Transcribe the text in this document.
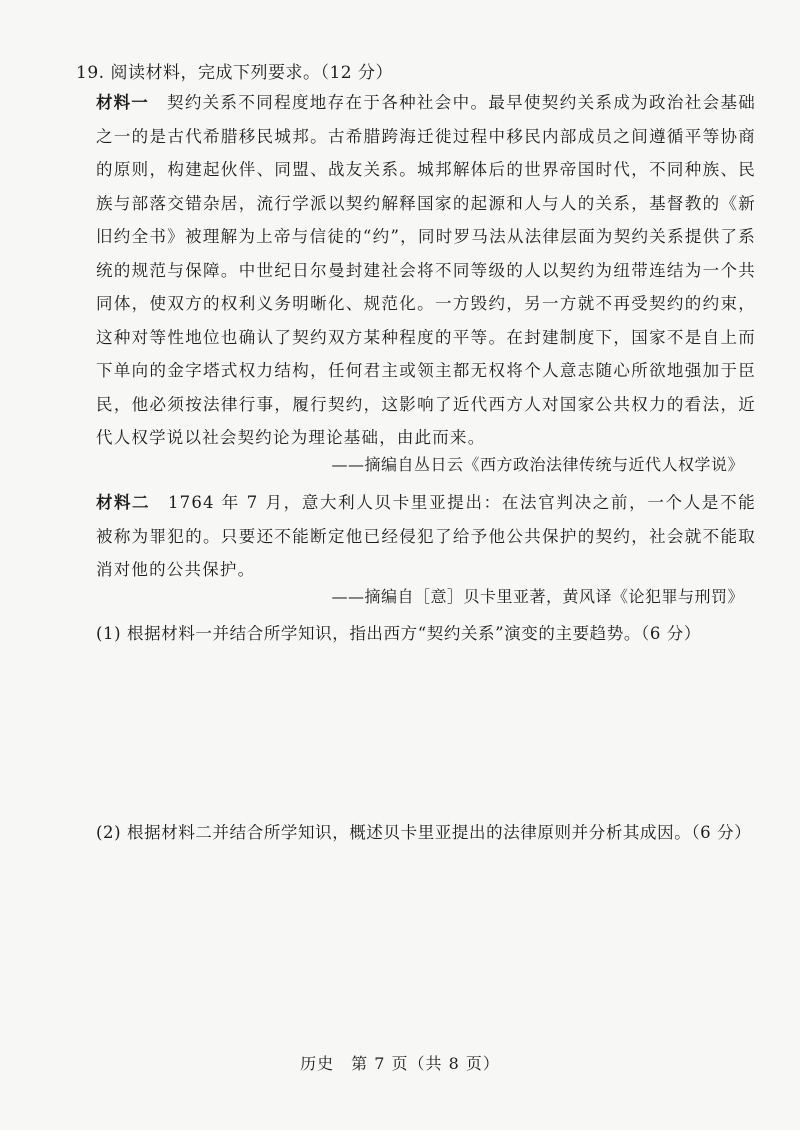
19. 阅读材料，完成下列要求。（12 分）
材料一 契约关系不同程度地存在于各种社会中。最早使契约关系成为政治社会基础之一的是古代希腊移民城邦。古希腊跨海迁徙过程中移民内部成员之间遵循平等协商的原则，构建起伙伴、同盟、战友关系。城邦解体后的世界帝国时代，不同种族、民族与部落交错杂居，流行学派以契约解释国家的起源和人与人的关系，基督教的《新旧约全书》被理解为上帝与信徒的“约”，同时罗马法从法律层面为契约关系提供了系统的规范与保障。中世纪日尔曼封建社会将不同等级的人以契约为纽带连结为一个共同体，使双方的权利义务明晰化、规范化。一方毁约，另一方就不再受契约的约束，这种对等性地位也确认了契约双方某种程度的平等。在封建制度下，国家不是自上而下单向的金字塔式权力结构，任何君主或领主都无权将个人意志随心所欲地强加于臣民，他必须按法律行事，履行契约，这影响了近代西方人对国家公共权力的看法，近代人权学说以社会契约论为理论基础，由此而来。
——摘编自丛日云《西方政治法律传统与近代人权学说》
材料二 1764 年 7 月，意大利人贝卡里亚提出：在法官判决之前，一个人是不能被称为罪犯的。只要还不能断定他已经侵犯了给予他公共保护的契约，社会就不能取消对他的公共保护。
——摘编自［意］贝卡里亚著，黄风译《论犯罪与刑罚》
(1) 根据材料一并结合所学知识，指出西方“契约关系”演变的主要趋势。（6 分）
(2) 根据材料二并结合所学知识，概述贝卡里亚提出的法律原则并分析其成因。（6 分）
历史　第 7 页（共 8 页）
